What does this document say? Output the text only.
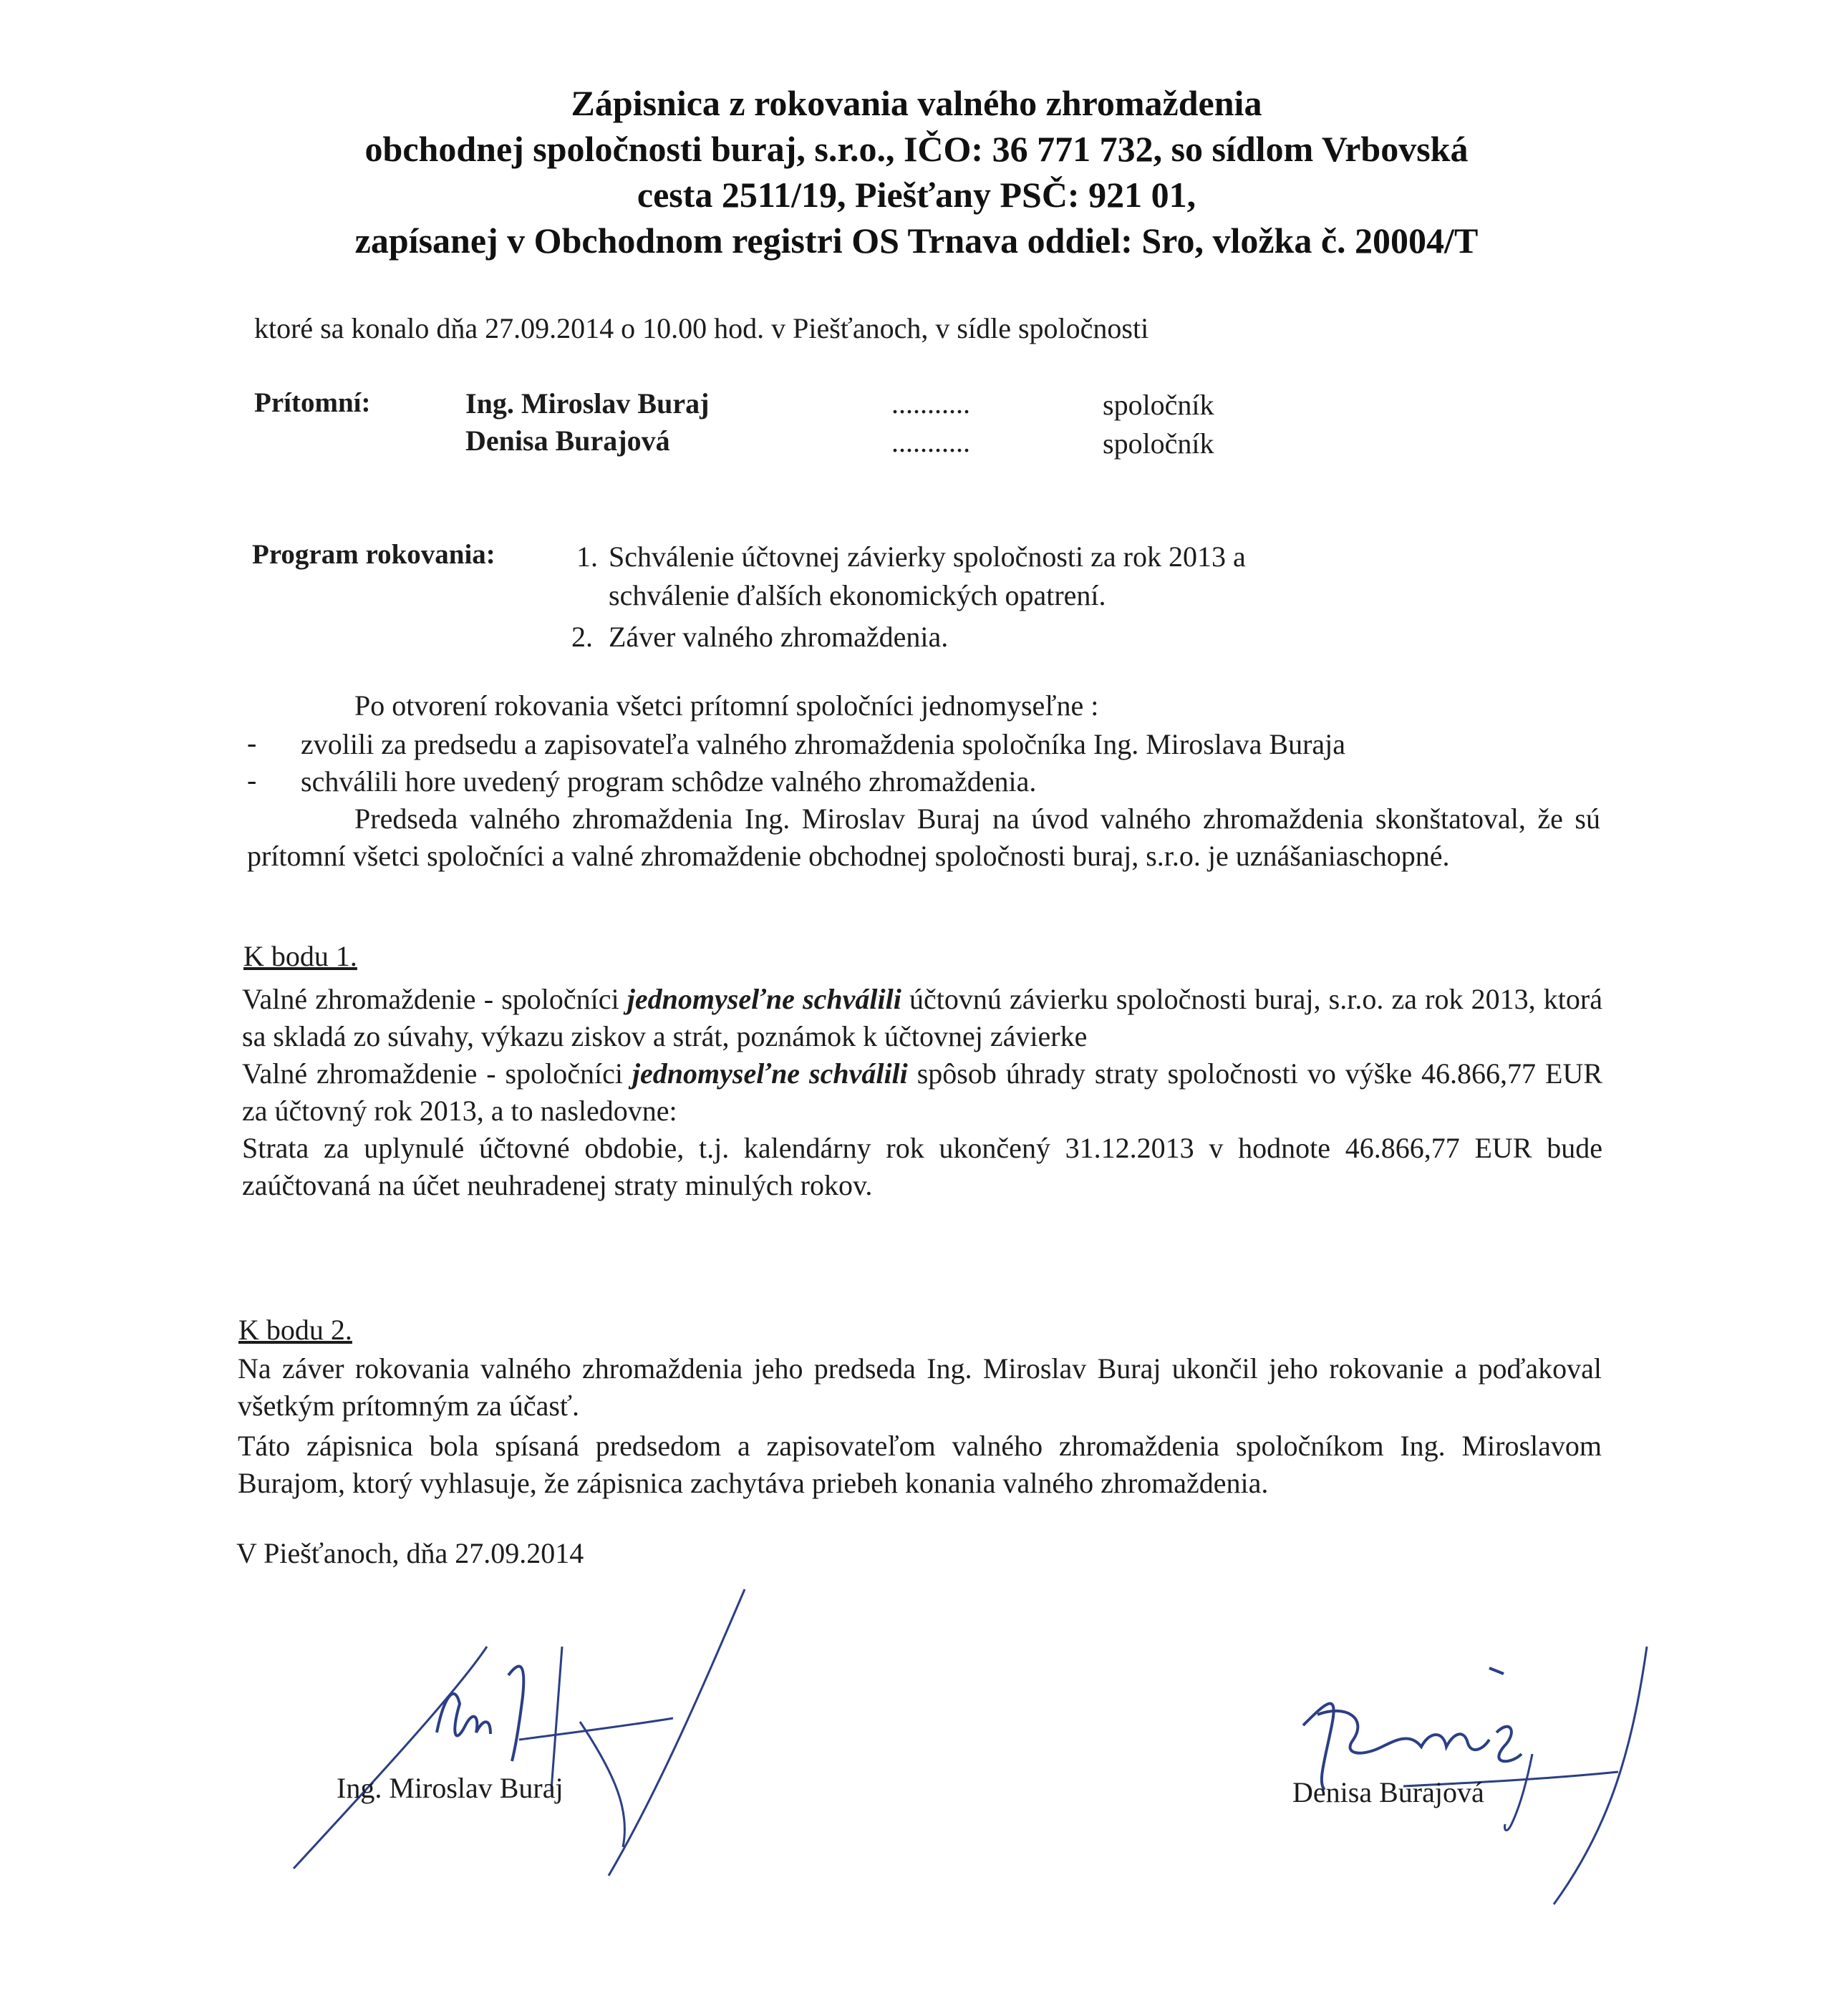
Zápisnica z rokovania valného zhromaždenia
obchodnej spoločnosti buraj, s.r.o., IČO: 36 771 732, so sídlom Vrbovská
cesta 2511/19, Piešťany PSČ: 921 01,
zapísanej v Obchodnom registri OS Trnava oddiel: Sro, vložka č. 20004/T
ktoré sa konalo dňa 27.09.2014 o 10.00 hod. v Piešťanoch, v sídle spoločnosti
Prítomní:	Ing. Miroslav Buraj	...........	spoločník
Denisa Burajová	...........	spoločník
Program rokovania:	1. Schválenie účtovnej závierky spoločnosti za rok 2013 a
schválenie ďalších ekonomických opatrení.
2. Záver valného zhromaždenia.
Po otvorení rokovania všetci prítomní spoločníci jednomyseľne :
- zvolili za predsedu a zapisovateľa valného zhromaždenia spoločníka Ing. Miroslava Buraja
- schválili hore uvedený program schôdze valného zhromaždenia.
Predseda valného zhromaždenia Ing. Miroslav Buraj na úvod valného zhromaždenia skonštatoval, že sú prítomní všetci spoločníci a valné zhromaždenie obchodnej spoločnosti buraj, s.r.o. je uznášaniaschopné.
K bodu 1.
Valné zhromaždenie - spoločníci jednomyseľne schválili účtovnú závierku spoločnosti buraj, s.r.o. za rok 2013, ktorá sa skladá zo súvahy, výkazu ziskov a strát, poznámok k účtovnej závierke
Valné zhromaždenie - spoločníci jednomyseľne schválili spôsob úhrady straty spoločnosti vo výške 46.866,77 EUR za účtovný rok 2013, a to nasledovne:
Strata za uplynulé účtovné obdobie, t.j. kalendárny rok ukončený 31.12.2013 v hodnote 46.866,77 EUR bude zaúčtovaná na účet neuhradenej straty minulých rokov.
K bodu 2.
Na záver rokovania valného zhromaždenia jeho predseda Ing. Miroslav Buraj ukončil jeho rokovanie a poďakoval všetkým prítomným za účasť.
Táto zápisnica bola spísaná predsedom a zapisovateľom valného zhromaždenia spoločníkom Ing. Miroslavom Burajom, ktorý vyhlasuje, že zápisnica zachytáva priebeh konania valného zhromaždenia.
V Piešťanoch, dňa 27.09.2014
Ing. Miroslav Buraj	Denisa Burajová
